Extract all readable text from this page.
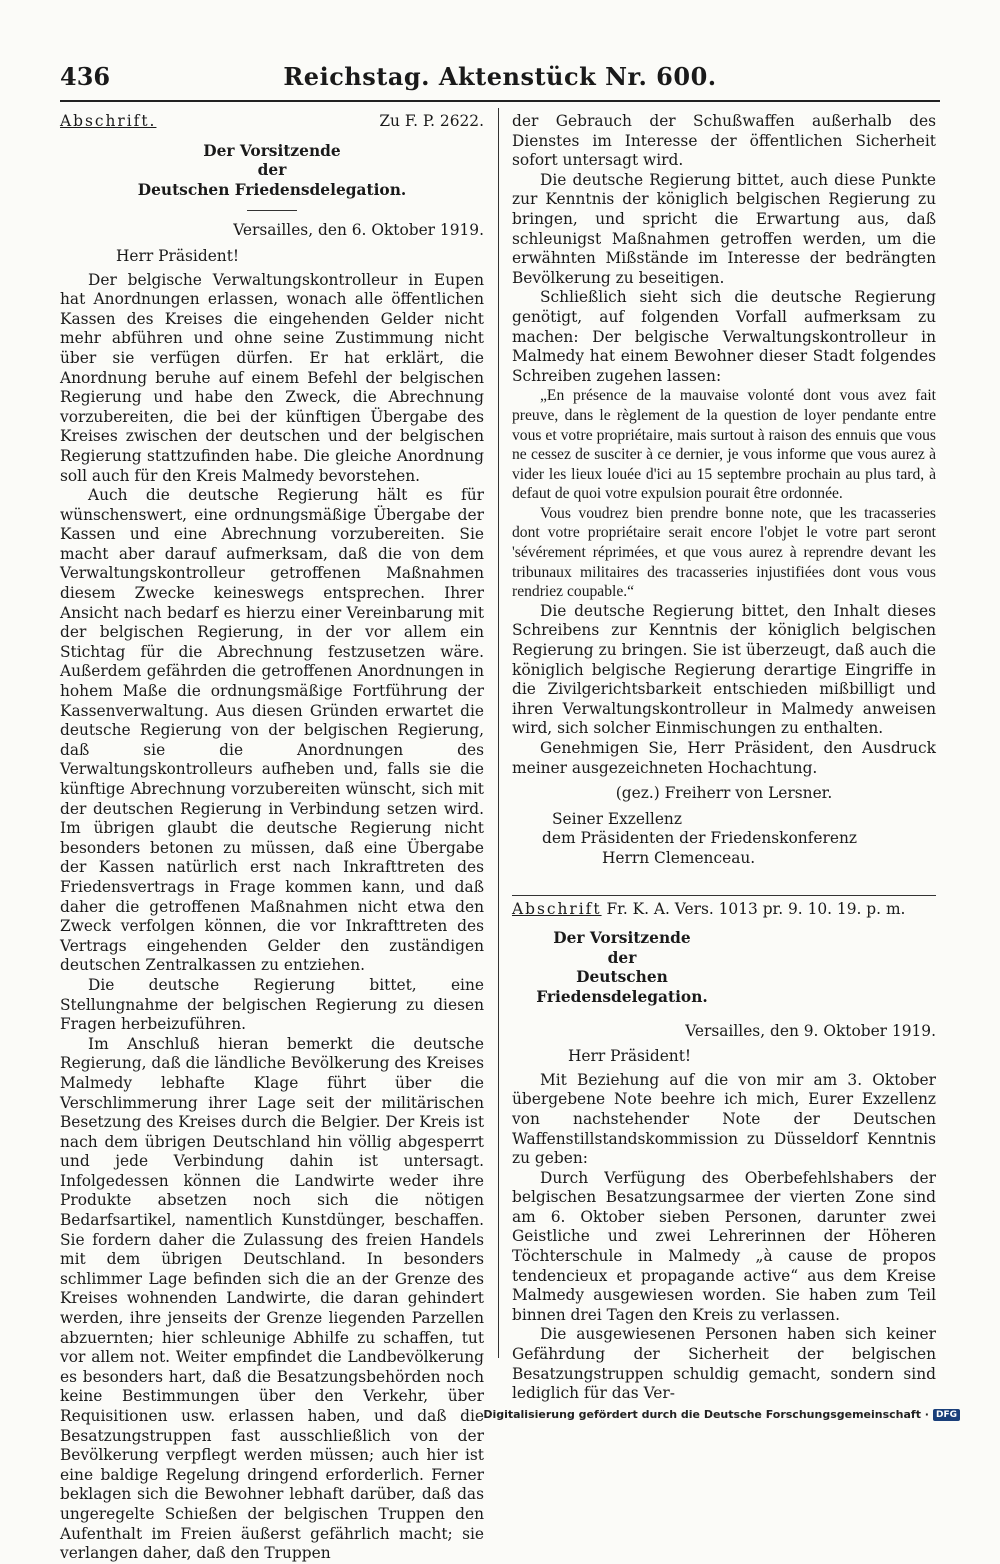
436	Reichstag. Aktenstück Nr. 600.
Abschrift.	Zu F. P. 2622.

Der Vorsitzende

der

Deutschen Friedensdelegation.

Versailles, den 6. Oktober 1919.

Herr Präsident!

Der belgische Verwaltungskontrolleur in Eupen hat Anordnungen erlassen, wonach alle öffentlichen Kassen des Kreises die eingehenden Gelder nicht mehr abführen und ohne seine Zustimmung nicht über sie verfügen dürfen. Er hat erklärt, die Anordnung beruhe auf einem Befehl der belgischen Regierung und habe den Zweck, die Abrechnung vorzubereiten, die bei der künftigen Übergabe des Kreises zwischen der deutschen und der belgischen Regierung stattzufinden habe. Die gleiche Anordnung soll auch für den Kreis Malmedy bevorstehen.

Auch die deutsche Regierung hält es für wünschenswert, eine ordnungsmäßige Übergabe der Kassen und eine Abrechnung vorzubereiten. Sie macht aber darauf aufmerksam, daß die von dem Verwaltungskontrolleur getroffenen Maßnahmen diesem Zwecke keineswegs entsprechen. Ihrer Ansicht nach bedarf es hierzu einer Vereinbarung mit der belgischen Regierung, in der vor allem ein Stichtag für die Abrechnung festzusetzen wäre. Außerdem gefährden die getroffenen Anordnungen in hohem Maße die ordnungsmäßige Fortführung der Kassenverwaltung. Aus diesen Gründen erwartet die deutsche Regierung von der belgischen Regierung, daß sie die Anordnungen des Verwaltungskontrolleurs aufheben und, falls sie die künftige Abrechnung vorzubereiten wünscht, sich mit der deutschen Regierung in Verbindung setzen wird. Im übrigen glaubt die deutsche Regierung nicht besonders betonen zu müssen, daß eine Übergabe der Kassen natürlich erst nach Inkrafttreten des Friedensvertrags in Frage kommen kann, und daß daher die getroffenen Maßnahmen nicht etwa den Zweck verfolgen können, die vor Inkrafttreten des Vertrags eingehenden Gelder den zuständigen deutschen Zentralkassen zu entziehen.

Die deutsche Regierung bittet, eine Stellungnahme der belgischen Regierung zu diesen Fragen herbeizuführen.

Im Anschluß hieran bemerkt die deutsche Regierung, daß die ländliche Bevölkerung des Kreises Malmedy lebhafte Klage führt über die Verschlimmerung ihrer Lage seit der militärischen Besetzung des Kreises durch die Belgier. Der Kreis ist nach dem übrigen Deutschland hin völlig abgesperrt und jede Verbindung dahin ist untersagt. Infolgedessen können die Landwirte weder ihre Produkte absetzen noch sich die nötigen Bedarfsartikel, namentlich Kunstdünger, beschaffen. Sie fordern daher die Zulassung des freien Handels mit dem übrigen Deutschland. In besonders schlimmer Lage befinden sich die an der Grenze des Kreises wohnenden Landwirte, die daran gehindert werden, ihre jenseits der Grenze liegenden Parzellen abzuernten; hier schleunige Abhilfe zu schaffen, tut vor allem not. Weiter empfindet die Landbevölkerung es besonders hart, daß die Besatzungsbehörden noch keine Bestimmungen über den Verkehr, über Requisitionen usw. erlassen haben, und daß die Besatzungstruppen fast ausschließlich von der Bevölkerung verpflegt werden müssen; auch hier ist eine baldige Regelung dringend erforderlich. Ferner beklagen sich die Bewohner lebhaft darüber, daß das ungeregelte Schießen der belgischen Truppen den Aufenthalt im Freien äußerst gefährlich macht; sie verlangen daher, daß den Truppen

der Gebrauch der Schußwaffen außerhalb des Dienstes im Interesse der öffentlichen Sicherheit sofort untersagt wird.

Die deutsche Regierung bittet, auch diese Punkte zur Kenntnis der königlich belgischen Regierung zu bringen, und spricht die Erwartung aus, daß schleunigst Maßnahmen getroffen werden, um die erwähnten Mißstände im Interesse der bedrängten Bevölkerung zu beseitigen.

Schließlich sieht sich die deutsche Regierung genötigt, auf folgenden Vorfall aufmerksam zu machen: Der belgische Verwaltungskontrolleur in Malmedy hat einem Bewohner dieser Stadt folgendes Schreiben zugehen lassen:

„En présence de la mauvaise volonté dont vous avez fait preuve, dans le règlement de la question de loyer pendante entre vous et votre propriétaire, mais surtout à raison des ennuis que vous ne cessez de susciter à ce dernier, je vous informe que vous aurez à vider les lieux louée d'ici au 15 septembre prochain au plus tard, à defaut de quoi votre expulsion pourait être ordonnée.

Vous voudrez bien prendre bonne note, que les tracasseries dont votre propriétaire serait encore l'objet le votre part seront 'sévérement réprimées, et que vous aurez à reprendre devant les tribunaux militaires des tracasseries injustifiées dont vous vous rendriez coupable.“

Die deutsche Regierung bittet, den Inhalt dieses Schreibens zur Kenntnis der königlich belgischen Regierung zu bringen. Sie ist überzeugt, daß auch die königlich belgische Regierung derartige Eingriffe in die Zivilgerichtsbarkeit entschieden mißbilligt und ihren Verwaltungskontrolleur in Malmedy anweisen wird, sich solcher Einmischungen zu enthalten.

Genehmigen Sie, Herr Präsident, den Ausdruck meiner ausgezeichneten Hochachtung.

(gez.) Freiherr von Lersner.

Seiner Exzellenz
dem Präsidenten der Friedenskonferenz
Herrn Clemenceau.
Abschrift Fr. K. A. Vers. 1013 pr. 9. 10. 19. p. m.

Der Vorsitzende

der

Deutschen Friedensdelegation.

Versailles, den 9. Oktober 1919.

Herr Präsident!

Mit Beziehung auf die von mir am 3. Oktober übergebene Note beehre ich mich, Eurer Exzellenz von nachstehender Note der Deutschen Waffenstillstandskommission zu Düsseldorf Kenntnis zu geben:

Durch Verfügung des Oberbefehlshabers der belgischen Besatzungsarmee der vierten Zone sind am 6. Oktober sieben Personen, darunter zwei Geistliche und zwei Lehrerinnen der Höheren Töchterschule in Malmedy „à cause de propos tendencieux et propagande active“ aus dem Kreise Malmedy ausgewiesen worden. Sie haben zum Teil binnen drei Tagen den Kreis zu verlassen.

Die ausgewiesenen Personen haben sich keiner Gefährdung der Sicherheit der belgischen Besatzungstruppen schuldig gemacht, sondern sind lediglich für das Ver-

Digitalisierung gefördert durch die Deutsche Forschungsgemeinschaft · DFG
